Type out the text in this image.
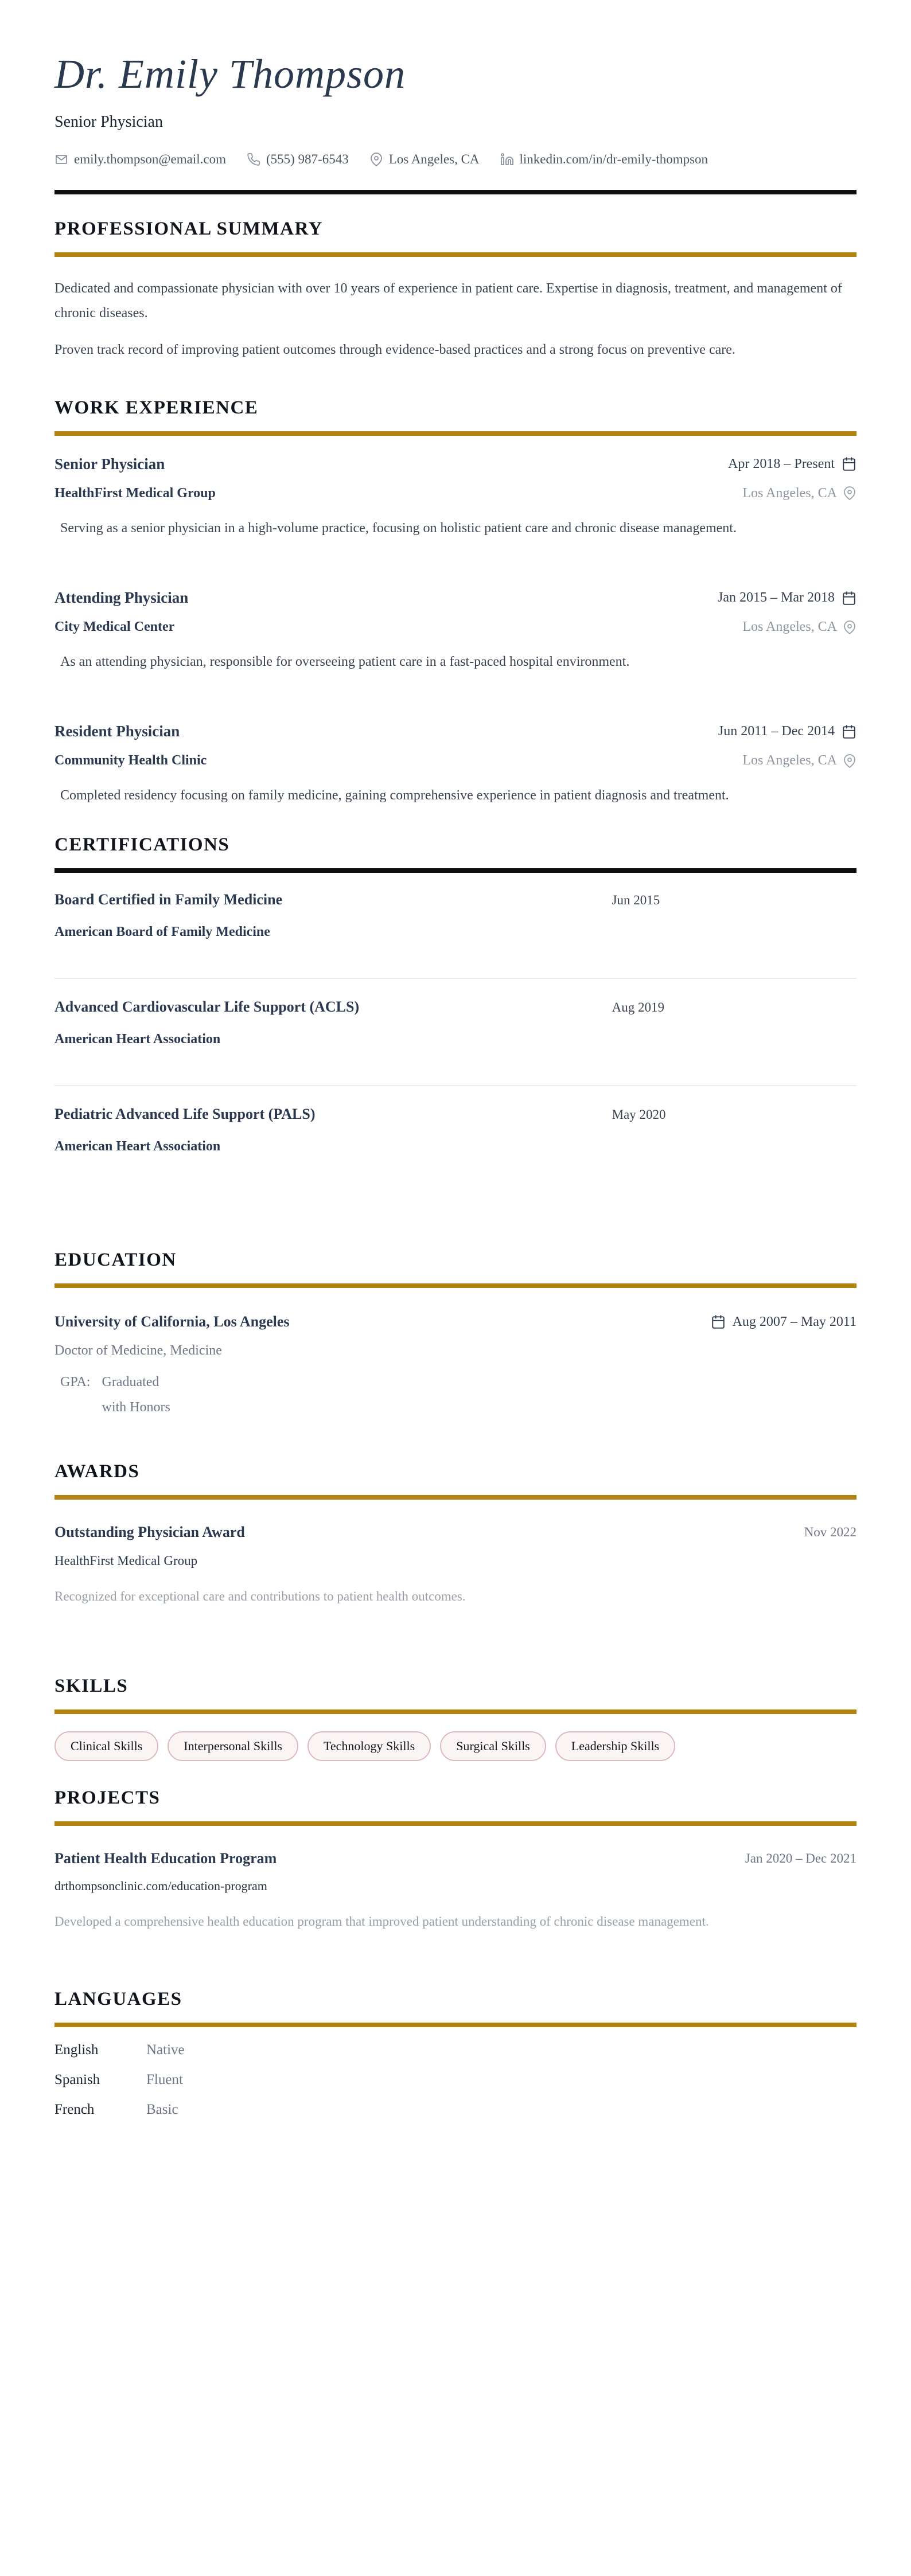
Dr. Emily Thompson

Senior Physician

emily.thompson@email.com	(555) 987-6543	Los Angeles, CA	linkedin.com/in/dr-emily-thompson
PROFESSIONAL SUMMARY

Dedicated and compassionate physician with over 10 years of experience in patient care. Expertise in diagnosis, treatment, and management of chronic diseases.

Proven track record of improving patient outcomes through evidence-based practices and a strong focus on preventive care.

WORK EXPERIENCE
Senior Physician	Apr 2018 – Present
HealthFirst Medical Group	Los Angeles, CA

Serving as a senior physician in a high-volume practice, focusing on holistic patient care and chronic disease management.

Attending Physician	Jan 2015 – Mar 2018
City Medical Center	Los Angeles, CA

As an attending physician, responsible for overseeing patient care in a fast-paced hospital environment.

Resident Physician	Jun 2011 – Dec 2014
Community Health Clinic	Los Angeles, CA

Completed residency focusing on family medicine, gaining comprehensive experience in patient diagnosis and treatment.

CERTIFICATIONS
Board Certified in Family Medicine	Jun 2015
American Board of Family Medicine
Advanced Cardiovascular Life Support (ACLS)	Aug 2019
American Heart Association
Pediatric Advanced Life Support (PALS)	May 2020
American Heart Association
EDUCATION
University of California, Los Angeles	Aug 2007 – May 2011
Doctor of Medicine, Medicine
GPA: Graduated with Honors
AWARDS
Outstanding Physician Award	Nov 2022
HealthFirst Medical Group

Recognized for exceptional care and contributions to patient health outcomes.

SKILLS
Clinical Skills	Interpersonal Skills	Technology Skills	Surgical Skills	Leadership Skills
PROJECTS
Patient Health Education Program	Jan 2020 – Dec 2021
drthompsonclinic.com/education-program

Developed a comprehensive health education program that improved patient understanding of chronic disease management.

LANGUAGES
English	Native
Spanish	Fluent
French	Basic
